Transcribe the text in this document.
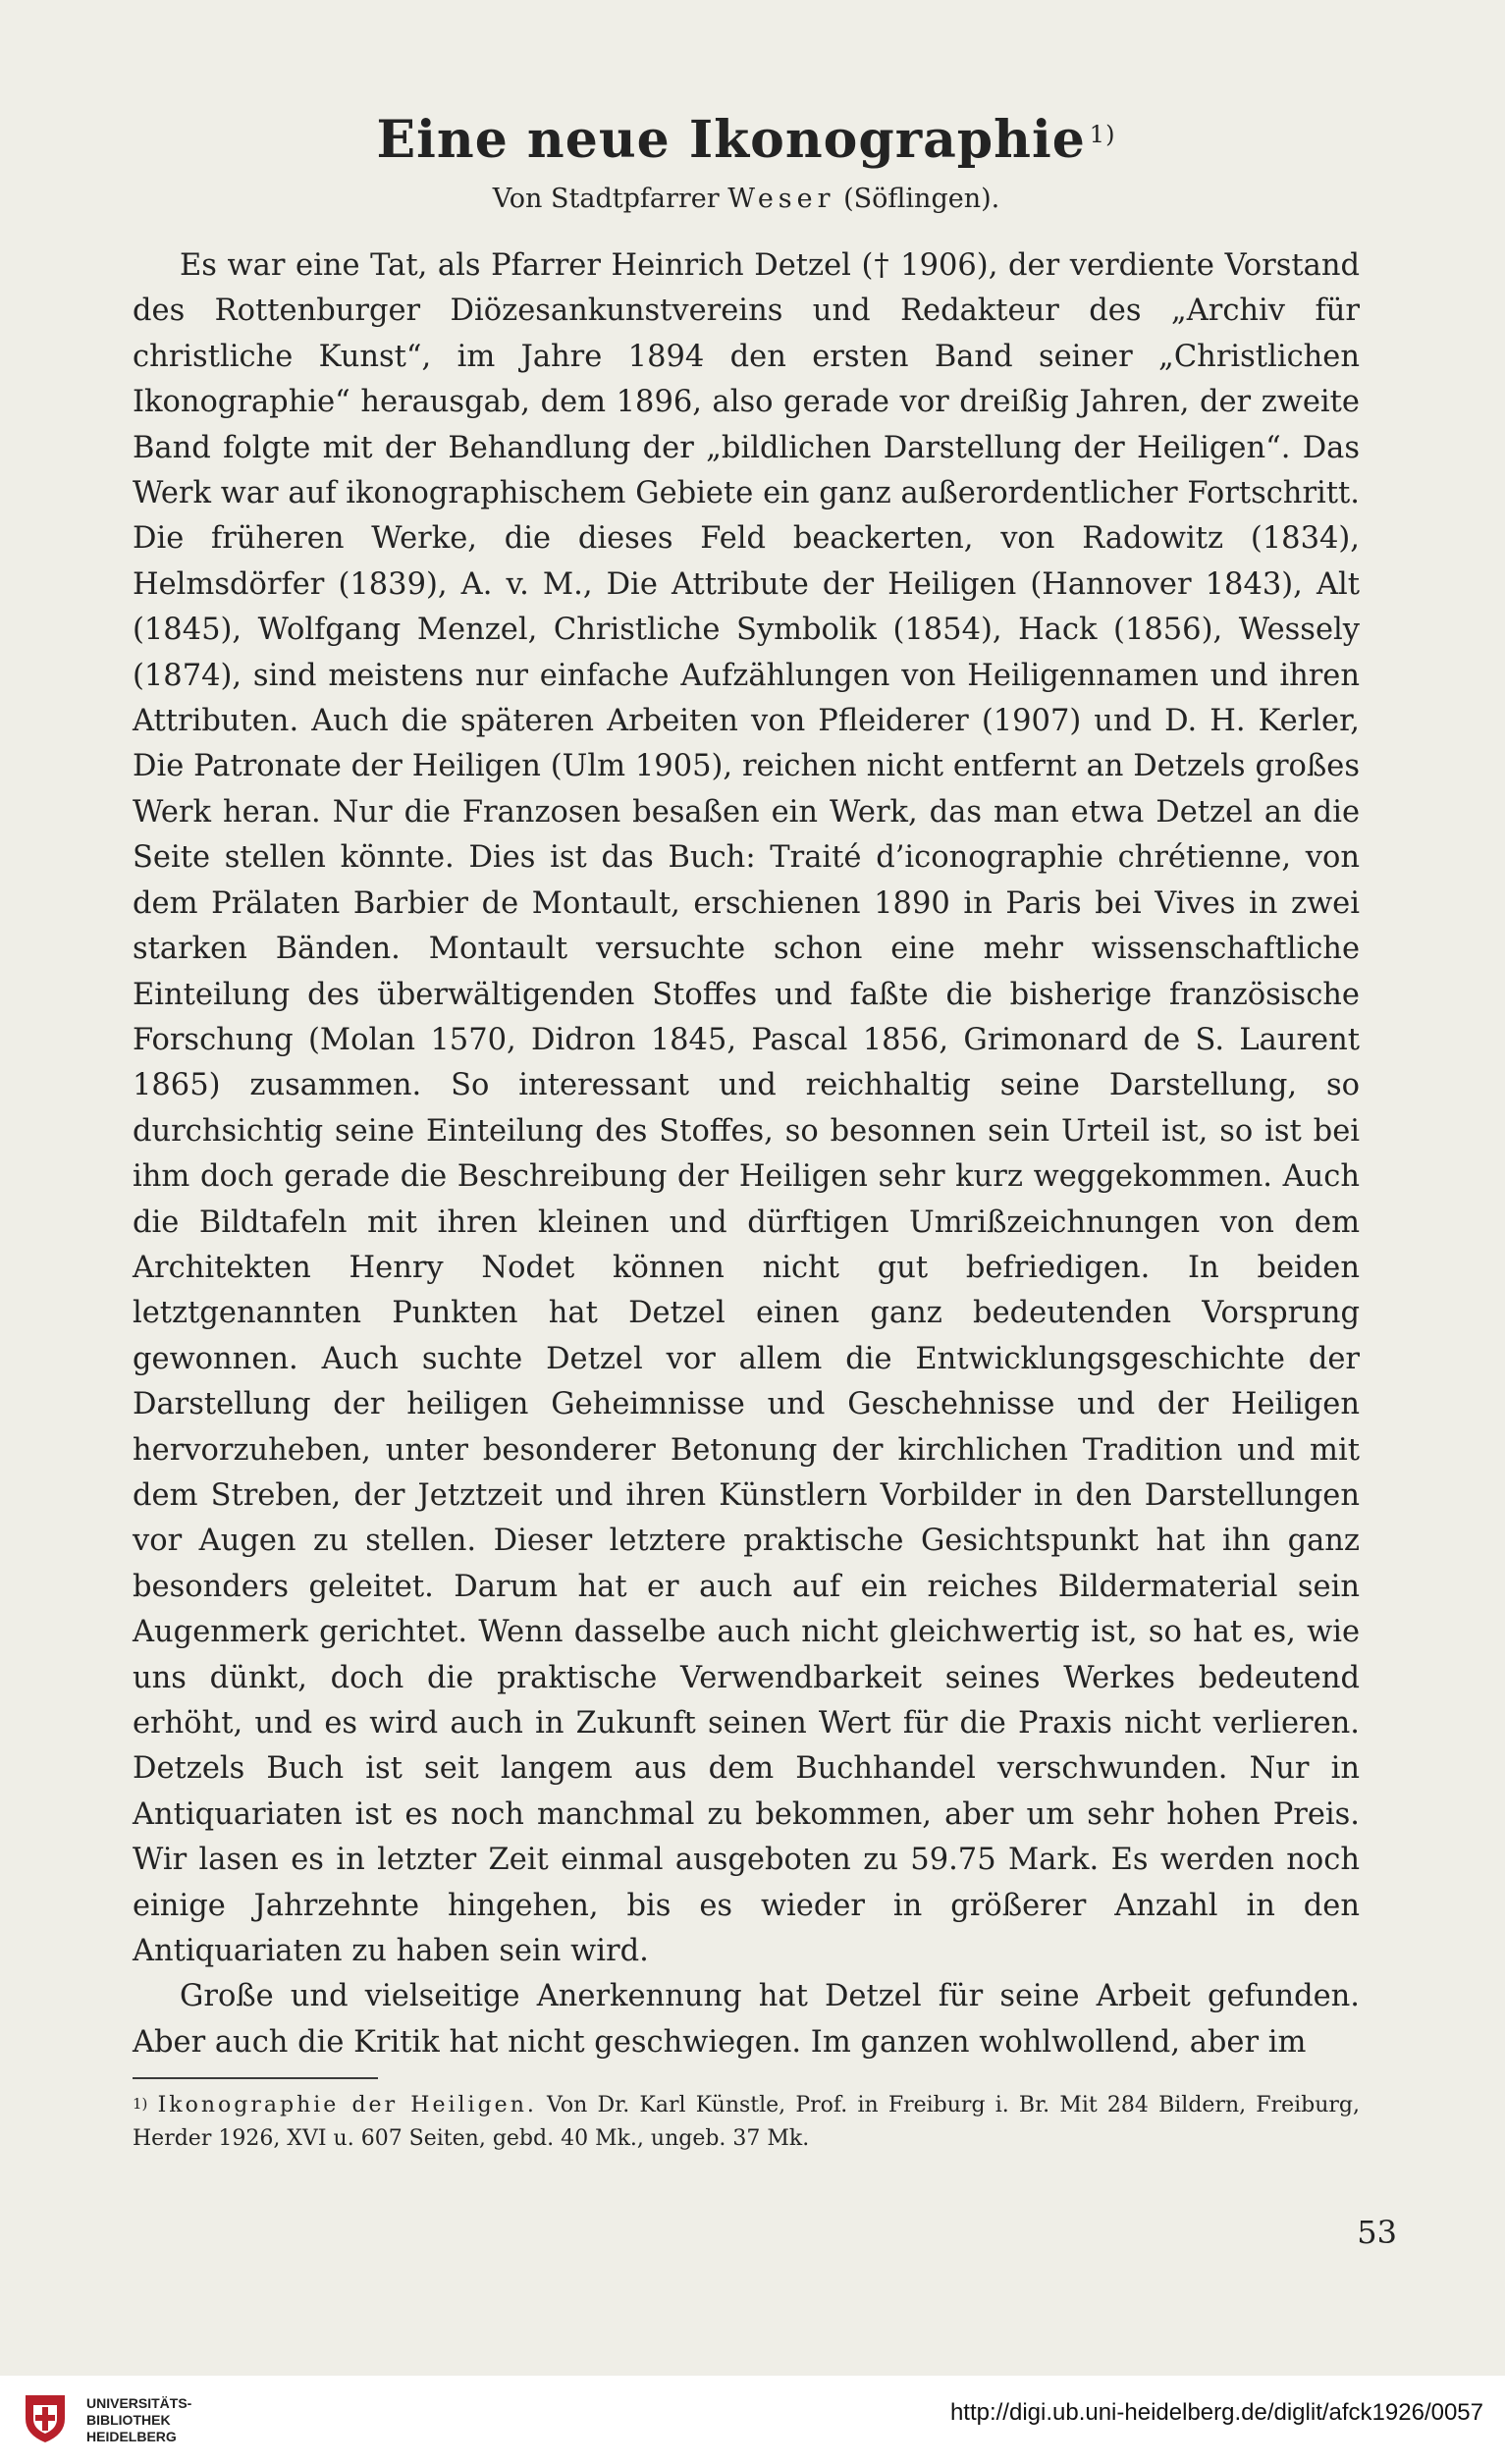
Eine neue Ikonographie $^{1)}$
Von Stadtpfarrer Weser (Söflingen).

Es war eine Tat, als Pfarrer Heinrich Detzel († 1906), der verdiente Vorstand des Rottenburger Diözesankunstvereins und Redakteur des „Archiv für christliche Kunst“, im Jahre 1894 den ersten Band seiner „Christlichen Ikonographie“ herausgab, dem 1896, also gerade vor dreißig Jahren, der zweite Band folgte mit der Behandlung der „bildlichen Darstellung der Heiligen“. Das Werk war auf ikonographischem Gebiete ein ganz außerordentlicher Fortschritt. Die früheren Werke, die dieses Feld beackerten, von Radowitz (1834), Helmsdörfer (1839), A. v. M., Die Attribute der Heiligen (Hannover 1843), Alt (1845), Wolfgang Menzel, Christliche Symbolik (1854), Hack (1856), Wessely (1874), sind meistens nur einfache Aufzählungen von Heiligennamen und ihren Attributen. Auch die späteren Arbeiten von Pfleiderer (1907) und D. H. Kerler, Die Patronate der Heiligen (Ulm 1905), reichen nicht entfernt an Detzels großes Werk heran. Nur die Franzosen besaßen ein Werk, das man etwa Detzel an die Seite stellen könnte. Dies ist das Buch: Traité d’iconographie chrétienne, von dem Prälaten Barbier de Montault, erschienen 1890 in Paris bei Vives in zwei starken Bänden. Montault versuchte schon eine mehr wissenschaftliche Einteilung des überwältigenden Stoffes und faßte die bisherige französische Forschung (Molan 1570, Didron 1845, Pascal 1856, Grimonard de S. Laurent 1865) zusammen. So interessant und reichhaltig seine Darstellung, so durchsichtig seine Einteilung des Stoffes, so besonnen sein Urteil ist, so ist bei ihm doch gerade die Beschreibung der Heiligen sehr kurz weggekommen. Auch die Bildtafeln mit ihren kleinen und dürftigen Umrißzeichnungen von dem Architekten Henry Nodet können nicht gut befriedigen. In beiden letztgenannten Punkten hat Detzel einen ganz bedeutenden Vorsprung gewonnen. Auch suchte Detzel vor allem die Entwicklungsgeschichte der Darstellung der heiligen Geheimnisse und Geschehnisse und der Heiligen hervorzuheben, unter besonderer Betonung der kirchlichen Tradition und mit dem Streben, der Jetztzeit und ihren Künstlern Vorbilder in den Darstellungen vor Augen zu stellen. Dieser letztere praktische Gesichtspunkt hat ihn ganz besonders geleitet. Darum hat er auch auf ein reiches Bildermaterial sein Augenmerk gerichtet. Wenn dasselbe auch nicht gleichwertig ist, so hat es, wie uns dünkt, doch die praktische Verwendbarkeit seines Werkes bedeutend erhöht, und es wird auch in Zukunft seinen Wert für die Praxis nicht verlieren. Detzels Buch ist seit langem aus dem Buchhandel verschwunden. Nur in Antiquariaten ist es noch manchmal zu bekommen, aber um sehr hohen Preis. Wir lasen es in letzter Zeit einmal ausgeboten zu 59.75 Mark. Es werden noch einige Jahrzehnte hingehen, bis es wieder in größerer Anzahl in den Antiquariaten zu haben sein wird.

Große und vielseitige Anerkennung hat Detzel für seine Arbeit gefunden. Aber auch die Kritik hat nicht geschwiegen. Im ganzen wohlwollend, aber im

$^{1)}$ Ikonographie der Heiligen. Von Dr. Karl Künstle, Prof. in Freiburg i. Br. Mit 284 Bildern, Freiburg, Herder 1926, XVI u. 607 Seiten, gebd. 40 Mk., ungeb. 37 Mk.
53
UNIVERSITÄTS-
BIBLIOTHEK
HEIDELBERG
http://digi.ub.uni-heidelberg.de/diglit/afck1926/0057
